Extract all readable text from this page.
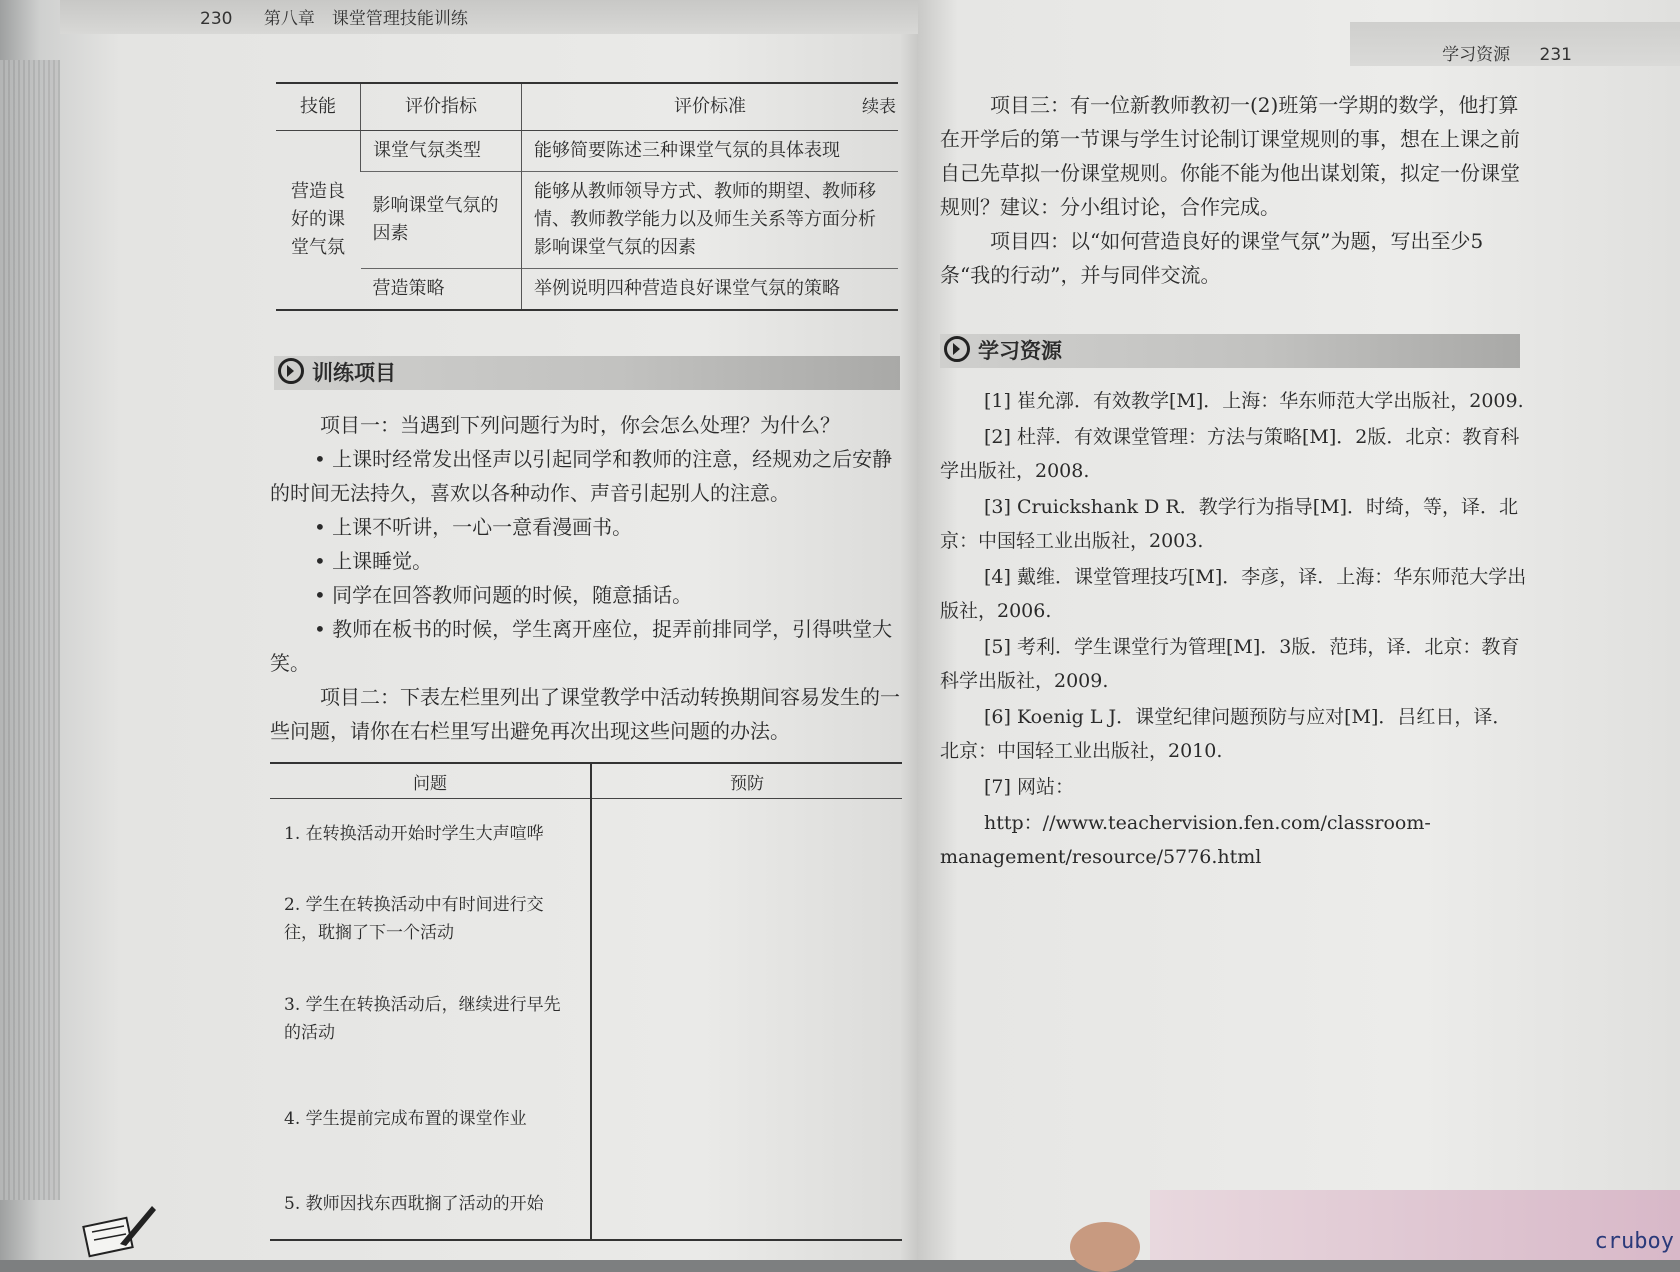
230 第八章　课堂管理技能训练
续表
技能	评价指标	评价标准
营造良好的课堂气氛	课堂气氛类型	能够简要陈述三种课堂气氛的具体表现
	影响课堂气氛的因素	能够从教师领导方式、教师的期望、教师移情、教师教学能力以及师生关系等方面分析影响课堂气氛的因素
	营造策略	举例说明四种营造良好课堂气氛的策略
训练项目

项目一：当遇到下列问题行为时，你会怎么处理？为什么？

• 上课时经常发出怪声以引起同学和教师的注意，经规劝之后安静的时间无法持久，喜欢以各种动作、声音引起别人的注意。

• 上课不听讲，一心一意看漫画书。

• 上课睡觉。

• 同学在回答教师问题的时候，随意插话。

• 教师在板书的时候，学生离开座位，捉弄前排同学，引得哄堂大笑。

项目二：下表左栏里列出了课堂教学中活动转换期间容易发生的一些问题，请你在右栏里写出避免再次出现这些问题的办法。

问题	预防
1. 在转换活动开始时学生大声喧哗	
2. 学生在转换活动中有时间进行交往，耽搁了下一个活动	
3. 学生在转换活动后，继续进行早先的活动	
4. 学生提前完成布置的课堂作业	
5. 教师因找东西耽搁了活动的开始	
学习资源 231

项目三：有一位新教师教初一(2)班第一学期的数学，他打算在开学后的第一节课与学生讨论制订课堂规则的事，想在上课之前自己先草拟一份课堂规则。你能不能为他出谋划策，拟定一份课堂规则？建议：分小组讨论，合作完成。

项目四：以“如何营造良好的课堂气氛”为题，写出至少5条“我的行动”，并与同伴交流。

学习资源

[1] 崔允漷．有效教学[M]．上海：华东师范大学出版社，2009.

[2] 杜萍．有效课堂管理：方法与策略[M]．2版．北京：教育科学出版社，2008.

[3] Cruickshank D R．教学行为指导[M]．时绮，等，译．北京：中国轻工业出版社，2003.

[4] 戴维．课堂管理技巧[M]．李彦，译．上海：华东师范大学出版社，2006.

[5] 考利．学生课堂行为管理[M]．3版．范玮，译．北京：教育科学出版社，2009.

[6] Koenig L J．课堂纪律问题预防与应对[M]．吕红日，译．北京：中国轻工业出版社，2010.

[7] 网站：

http：//www.teachervision.fen.com/classroom-management/resource/5776.html

cruboy
